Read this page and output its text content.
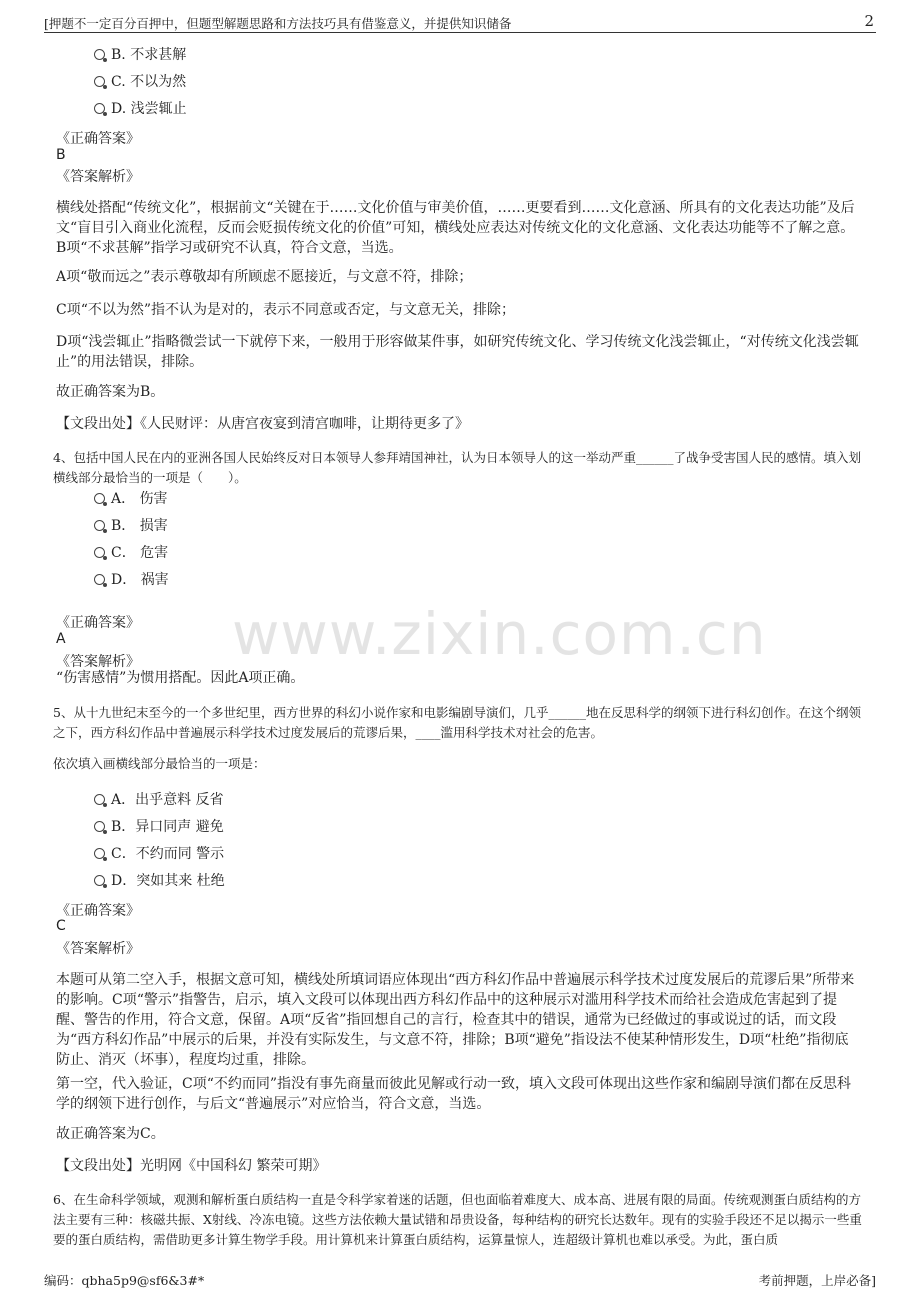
[押题不一定百分百押中，但题型解题思路和方法技巧具有借鉴意义，并提供知识储备	2
www.zixin.com.cn
B. 不求甚解
C. 不以为然
D. 浅尝辄止
《正确答案》
B
《答案解析》
横线处搭配“传统文化”，根据前文“关键在于……文化价值与审美价值，……更要看到……文化意涵、所具有的文化表达功能”及后文“盲目引入商业化流程，反而会贬损传统文化的价值”可知，横线处应表达对传统文化的文化意涵、文化表达功能等不了解之意。B项“不求甚解”指学习或研究不认真，符合文意，当选。
A项“敬而远之”表示尊敬却有所顾虑不愿接近，与文意不符，排除；
C项“不以为然”指不认为是对的，表示不同意或否定，与文意无关，排除；
D项“浅尝辄止”指略微尝试一下就停下来，一般用于形容做某件事，如研究传统文化、学习传统文化浅尝辄止，“对传统文化浅尝辄止”的用法错误，排除。
故正确答案为B。
【文段出处】《人民财评：从唐宫夜宴到清宫咖啡，让期待更多了》
4、包括中国人民在内的亚洲各国人民始终反对日本领导人参拜靖国神社，认为日本领导人的这一举动严重______了战争受害国人民的感情。填入划横线部分最恰当的一项是（　　）。
A． 伤害
B． 损害
C． 危害
D． 祸害
《正确答案》
A
《答案解析》
“伤害感情”为惯用搭配。因此A项正确。
5、从十九世纪末至今的一个多世纪里，西方世界的科幻小说作家和电影编剧导演们，几乎______地在反思科学的纲领下进行科幻创作。在这个纲领之下，西方科幻作品中普遍展示科学技术过度发展后的荒谬后果，____滥用科学技术对社会的危害。
依次填入画横线部分最恰当的一项是：
A．出乎意料 反省
B．异口同声 避免
C．不约而同 警示
D．突如其来 杜绝
《正确答案》
C
《答案解析》
本题可从第二空入手，根据文意可知，横线处所填词语应体现出“西方科幻作品中普遍展示科学技术过度发展后的荒谬后果”所带来的影响。C项“警示”指警告，启示，填入文段可以体现出西方科幻作品中的这种展示对滥用科学技术而给社会造成危害起到了提醒、警告的作用，符合文意，保留。A项“反省”指回想自己的言行，检查其中的错误，通常为已经做过的事或说过的话，而文段为“西方科幻作品”中展示的后果，并没有实际发生，与文意不符，排除；B项“避免”指设法不使某种情形发生，D项“杜绝”指彻底防止、消灭（坏事），程度均过重，排除。
第一空，代入验证，C项“不约而同”指没有事先商量而彼此见解或行动一致，填入文段可体现出这些作家和编剧导演们都在反思科学的纲领下进行创作，与后文“普遍展示”对应恰当，符合文意，当选。
故正确答案为C。
【文段出处】光明网《中国科幻 繁荣可期》
6、在生命科学领域，观测和解析蛋白质结构一直是令科学家着迷的话题，但也面临着难度大、成本高、进展有限的局面。传统观测蛋白质结构的方法主要有三种：核磁共振、X射线、冷冻电镜。这些方法依赖大量试错和昂贵设备，每种结构的研究长达数年。现有的实验手段还不足以揭示一些重要的蛋白质结构，需借助更多计算生物学手段。用计算机来计算蛋白质结构，运算量惊人，连超级计算机也难以承受。为此，蛋白质
编码：qbha5p9@sf6&3#*	考前押题，上岸必备]
